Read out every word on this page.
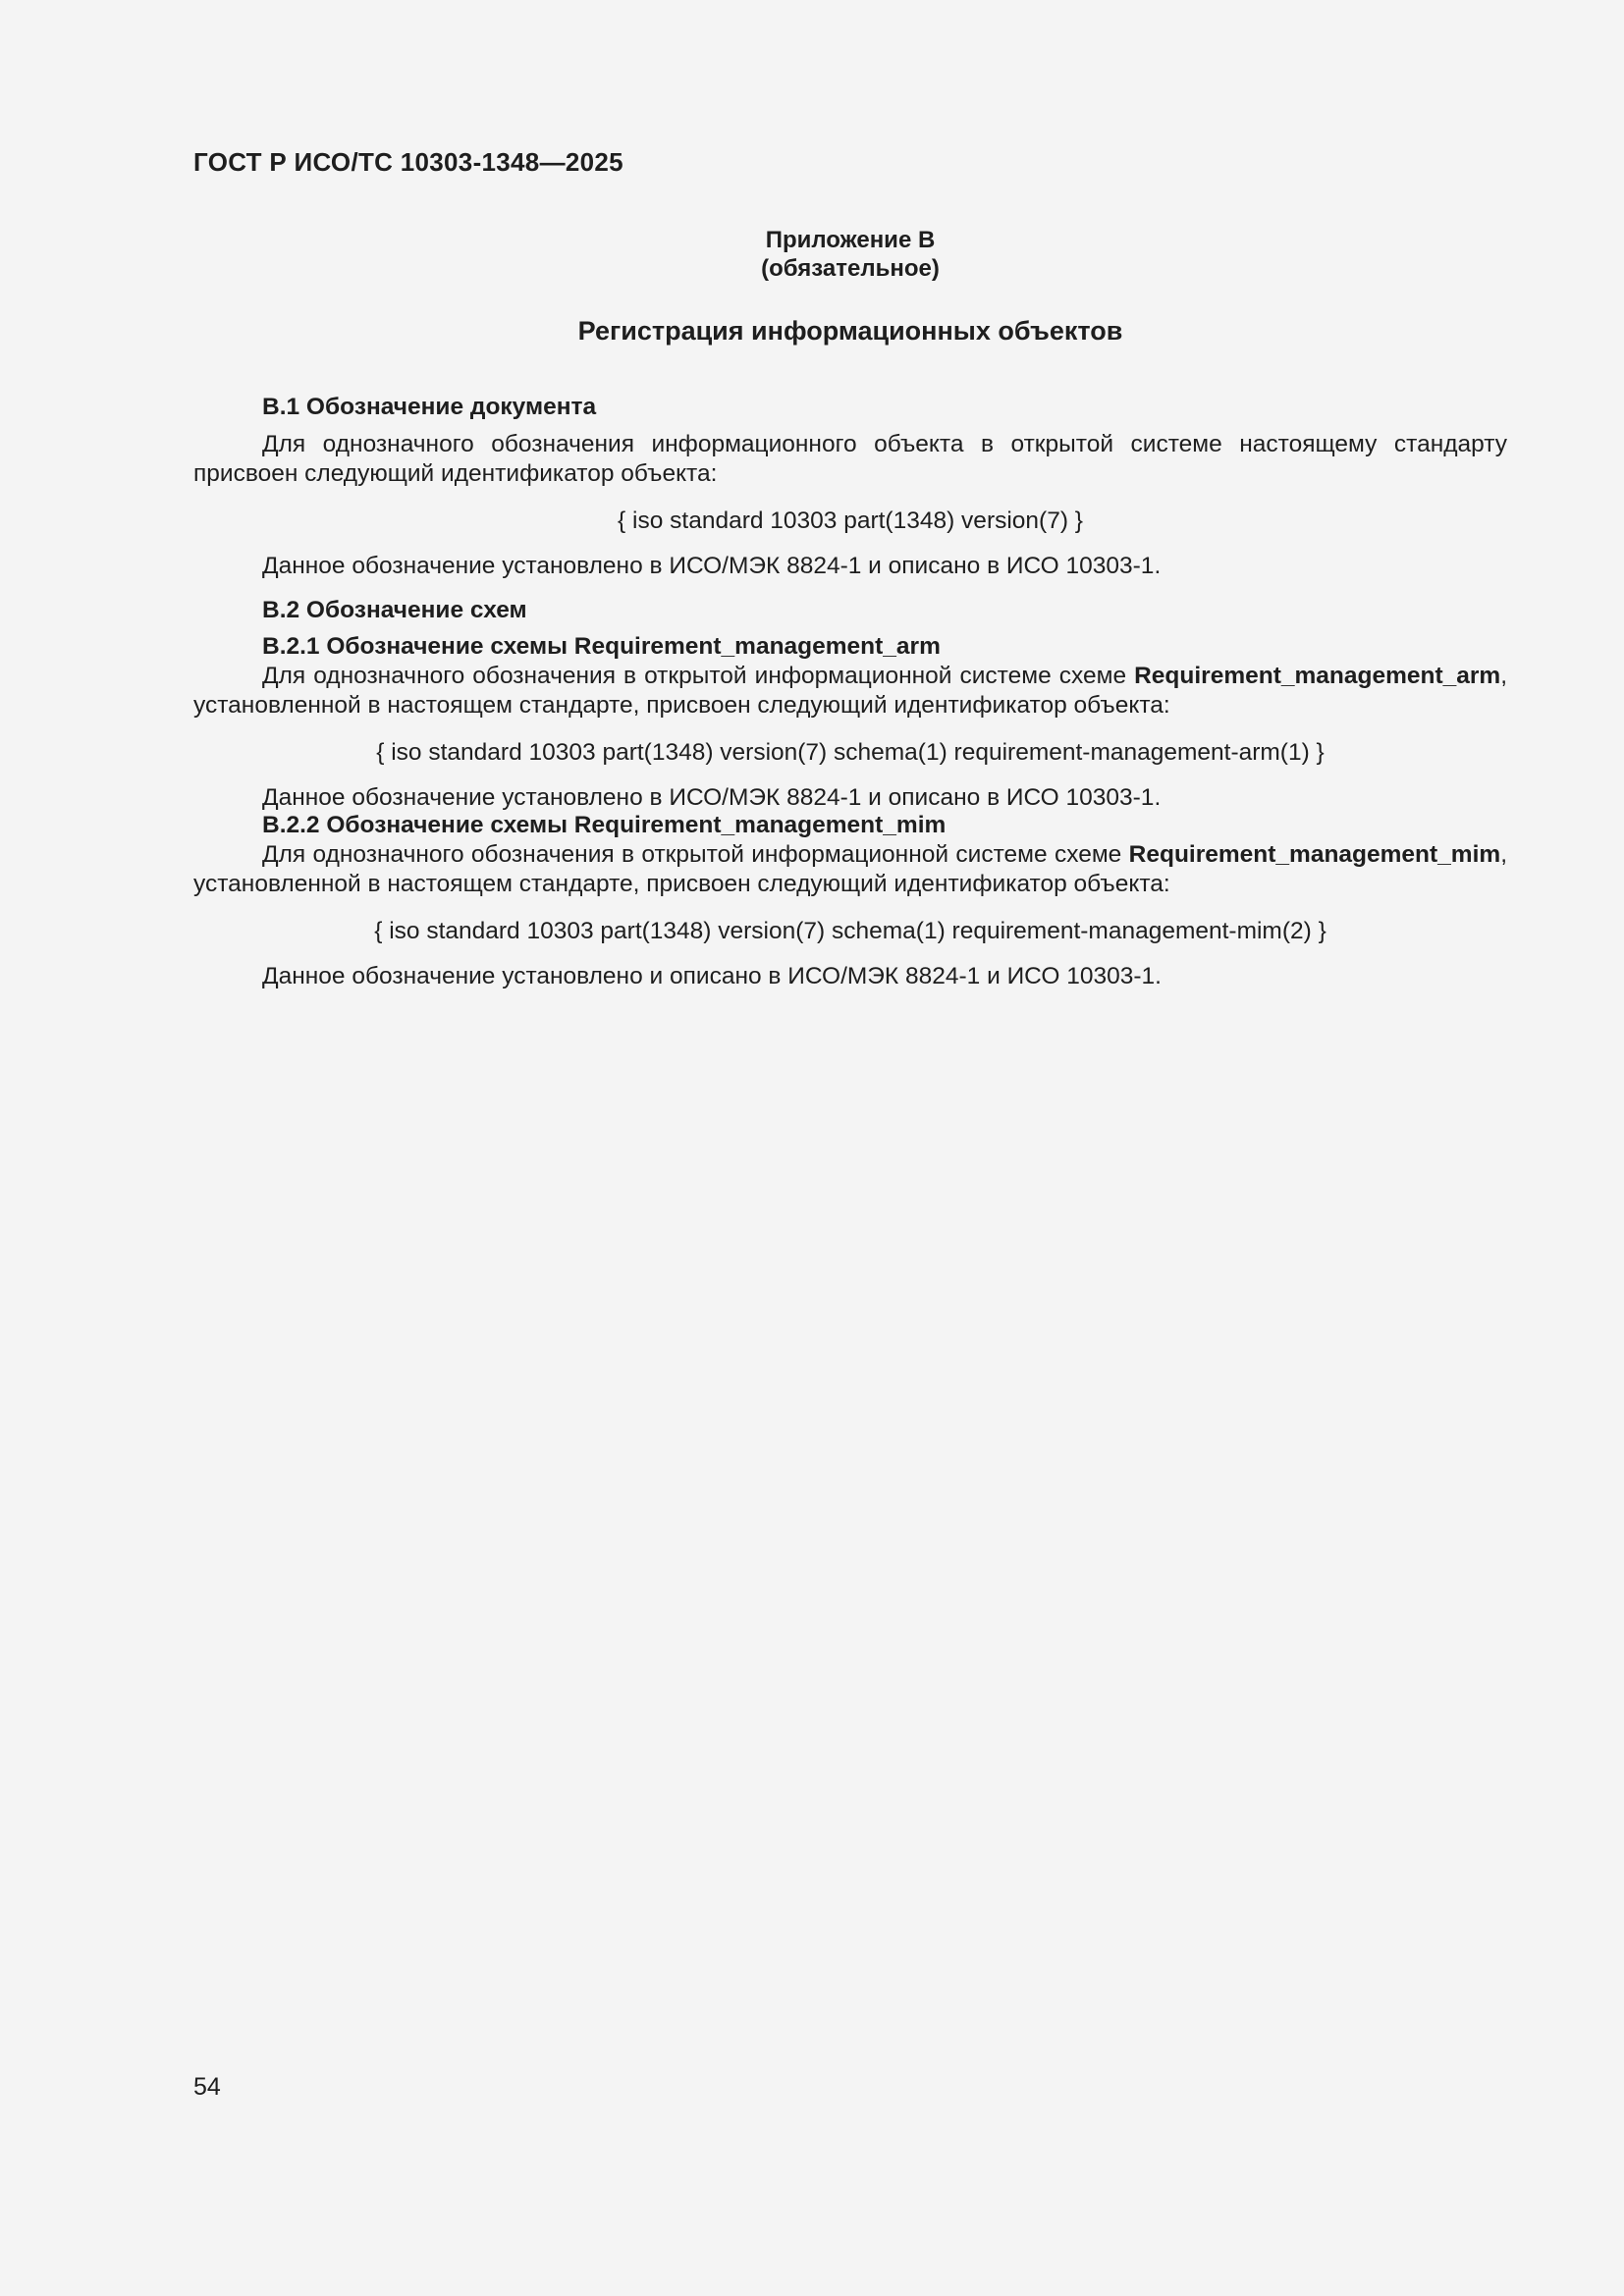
ГОСТ Р ИСО/ТС 10303-1348—2025
Приложение В
(обязательное)
Регистрация информационных объектов
В.1 Обозначение документа
Для однозначного обозначения информационного объекта в открытой системе настоящему стандарту присвоен следующий идентификатор объекта:
{ iso standard 10303 part(1348) version(7) }
Данное обозначение установлено в ИСО/МЭК 8824-1 и описано в ИСО 10303-1.
В.2 Обозначение схем
В.2.1 Обозначение схемы Requirement_management_arm
Для однозначного обозначения в открытой информационной системе схеме Requirement_management_arm, установленной в настоящем стандарте, присвоен следующий идентификатор объекта:
{ iso standard 10303 part(1348) version(7) schema(1) requirement-management-arm(1) }
Данное обозначение установлено в ИСО/МЭК 8824-1 и описано в ИСО 10303-1.
В.2.2 Обозначение схемы Requirement_management_mim
Для однозначного обозначения в открытой информационной системе схеме Requirement_management_mim, установленной в настоящем стандарте, присвоен следующий идентификатор объекта:
{ iso standard 10303 part(1348) version(7) schema(1) requirement-management-mim(2) }
Данное обозначение установлено и описано в ИСО/МЭК 8824-1 и ИСО 10303-1.
54
